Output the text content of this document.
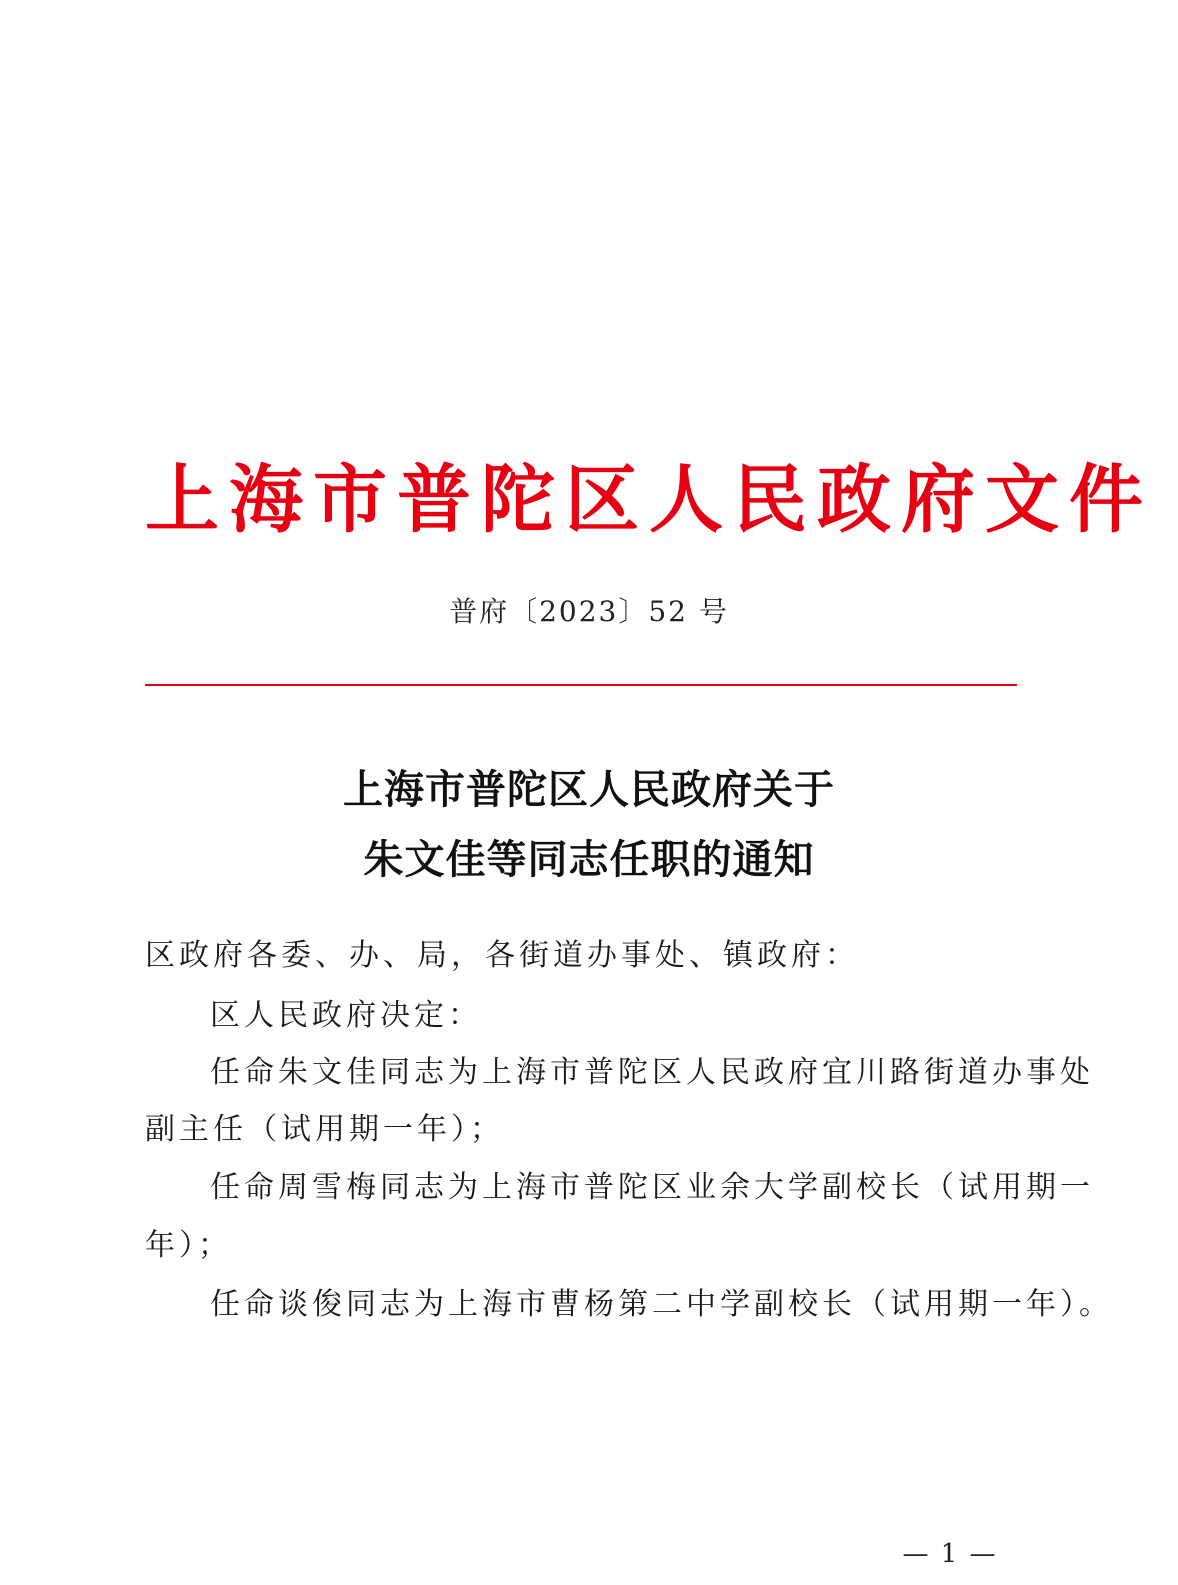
上海市普陀区人民政府文件
普府〔2023〕52 号
上海市普陀区人民政府关于
朱文佳等同志任职的通知
区政府各委、办、局，各街道办事处、镇政府：
区人民政府决定：
任命朱文佳同志为上海市普陀区人民政府宜川路街道办事处
副主任（试用期一年）；
任命周雪梅同志为上海市普陀区业余大学副校长（试用期一
年）；
任命谈俊同志为上海市曹杨第二中学副校长（试用期一年）。
— 1 —
